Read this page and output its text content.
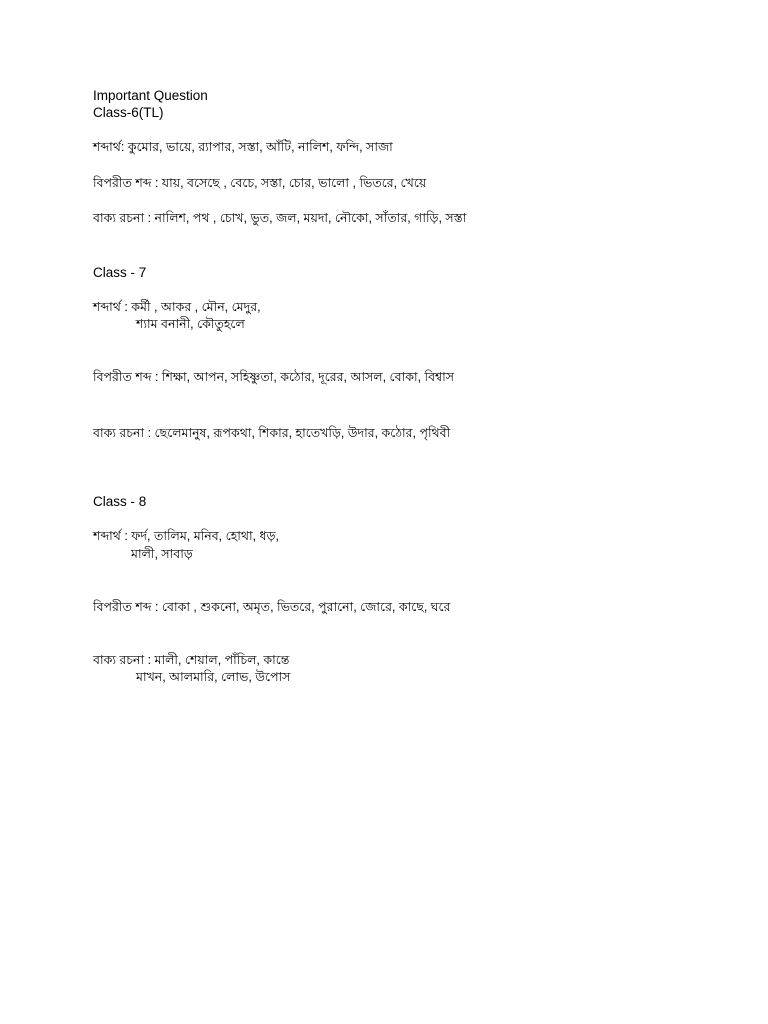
Important Question
Class-6(TL)
শব্দার্থ: কুমোর, ভায়ে, র‍্যাপার, সস্তা, আঁটি, নালিশ, ফন্দি, সাজা
বিপরীত শব্দ : যায়, বসেছে , বেচে, সস্তা, চোর, ভালো , ভিতরে, খেয়ে
বাক্য রচনা : নালিশ, পথ , চোখ, ভুত, জল, ময়দা, নৌকো, সাঁতার, গাড়ি, সস্তা
Class - 7
শব্দার্থ : কর্মী , আকর , মৌন, মেদুর,
শ্যাম বনানী, কৌতুহলে
বিপরীত শব্দ : শিক্ষা, আপন, সহিষ্ণুতা, কঠোর, দূরের, আসল, বোকা, বিশ্বাস
বাক্য রচনা : ছেলেমানুষ, রূপকথা, শিকার, হাতেখড়ি, উদার, কঠোর, পৃথিবী
Class - 8
শব্দার্থ : ফর্দ, তালিম, মনিব, হোথা, ধড়,
মালী, সাবাড়
বিপরীত শব্দ : বোকা , শুকনো, অমৃত, ভিতরে, পুরানো, জোরে, কাছে, ঘরে
বাক্য রচনা : মালী, শেয়াল, পাঁচিল, কান্তে
মাখন, আলমারি, লোভ, উপোস
